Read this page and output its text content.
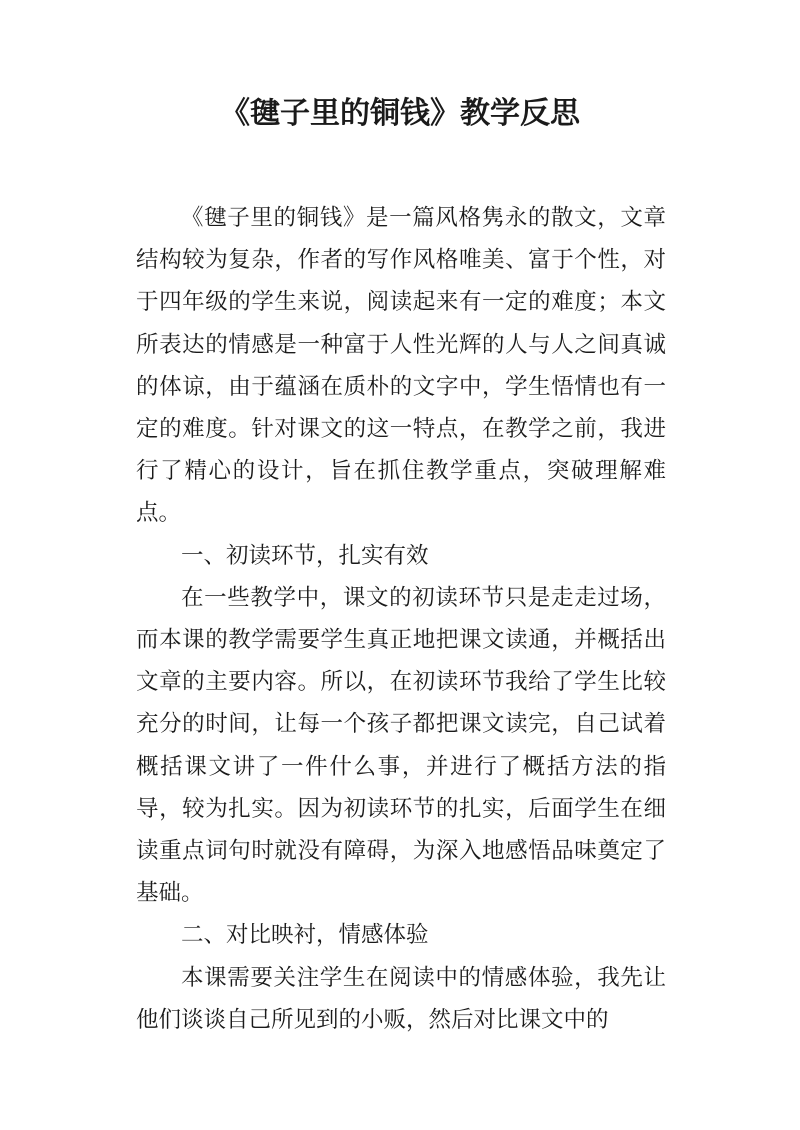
《毽子里的铜钱》教学反思

《毽子里的铜钱》是一篇风格隽永的散文，文章结构较为复杂，作者的写作风格唯美、富于个性，对于四年级的学生来说，阅读起来有一定的难度；本文所表达的情感是一种富于人性光辉的人与人之间真诚的体谅，由于蕴涵在质朴的文字中，学生悟情也有一定的难度。针对课文的这一特点，在教学之前，我进行了精心的设计，旨在抓住教学重点，突破理解难点。

一、初读环节，扎实有效

在一些教学中，课文的初读环节只是走走过场，而本课的教学需要学生真正地把课文读通，并概括出文章的主要内容。所以，在初读环节我给了学生比较充分的时间，让每一个孩子都把课文读完，自己试着概括课文讲了一件什么事，并进行了概括方法的指导，较为扎实。因为初读环节的扎实，后面学生在细读重点词句时就没有障碍，为深入地感悟品味奠定了基础。

二、对比映衬，情感体验

本课需要关注学生在阅读中的情感体验，我先让他们谈谈自己所见到的小贩，然后对比课文中的
